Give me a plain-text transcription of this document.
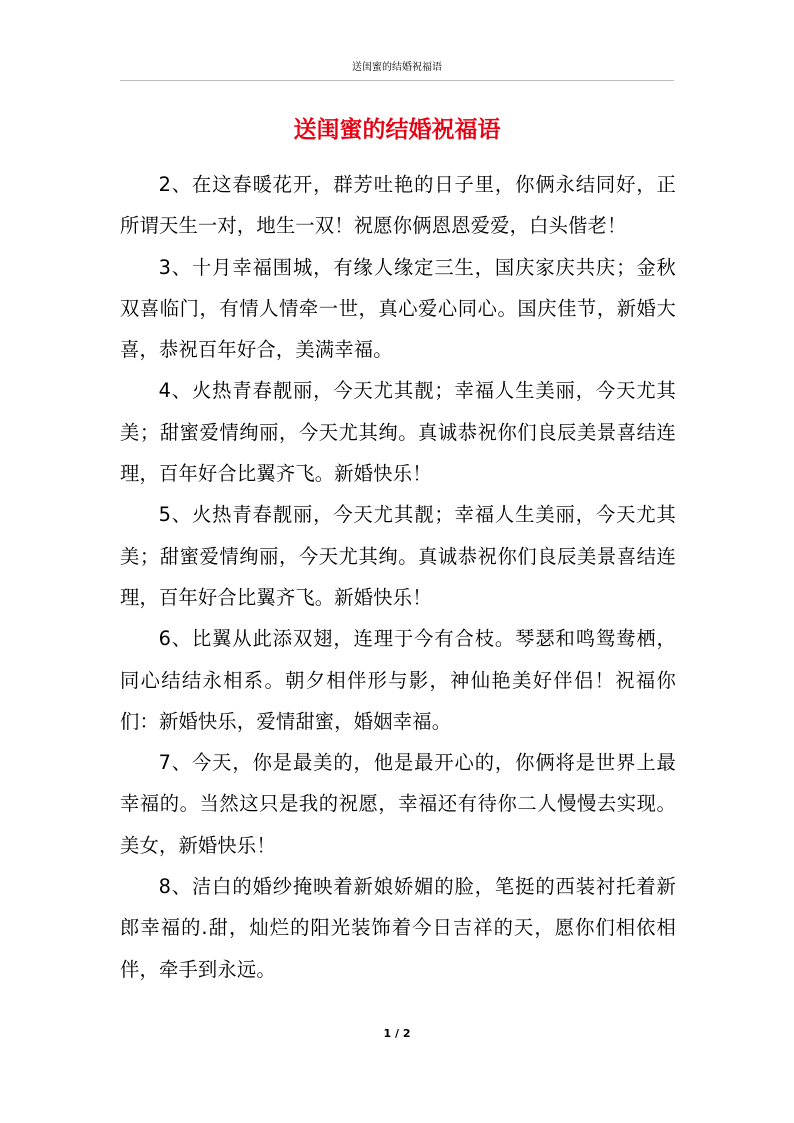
送闺蜜的结婚祝福语
送闺蜜的结婚祝福语

2、在这春暖花开，群芳吐艳的日子里，你俩永结同好，正所谓天生一对，地生一双！祝愿你俩恩恩爱爱，白头偕老！

3、十月幸福围城，有缘人缘定三生，国庆家庆共庆；金秋双喜临门，有情人情牵一世，真心爱心同心。国庆佳节，新婚大喜，恭祝百年好合，美满幸福。

4、火热青春靓丽，今天尤其靓；幸福人生美丽，今天尤其美；甜蜜爱情绚丽，今天尤其绚。真诚恭祝你们良辰美景喜结连理，百年好合比翼齐飞。新婚快乐！

5、火热青春靓丽，今天尤其靓；幸福人生美丽，今天尤其美；甜蜜爱情绚丽，今天尤其绚。真诚恭祝你们良辰美景喜结连理，百年好合比翼齐飞。新婚快乐！

6、比翼从此添双翅，连理于今有合枝。琴瑟和鸣鸳鸯栖，同心结结永相系。朝夕相伴形与影，神仙艳美好伴侣！祝福你们：新婚快乐，爱情甜蜜，婚姻幸福。

7、今天，你是最美的，他是最开心的，你俩将是世界上最幸福的。当然这只是我的祝愿，幸福还有待你二人慢慢去实现。美女，新婚快乐！

8、洁白的婚纱掩映着新娘娇媚的脸，笔挺的西装衬托着新郎幸福的.甜，灿烂的阳光装饰着今日吉祥的天，愿你们相依相伴，牵手到永远。

1 / 2
